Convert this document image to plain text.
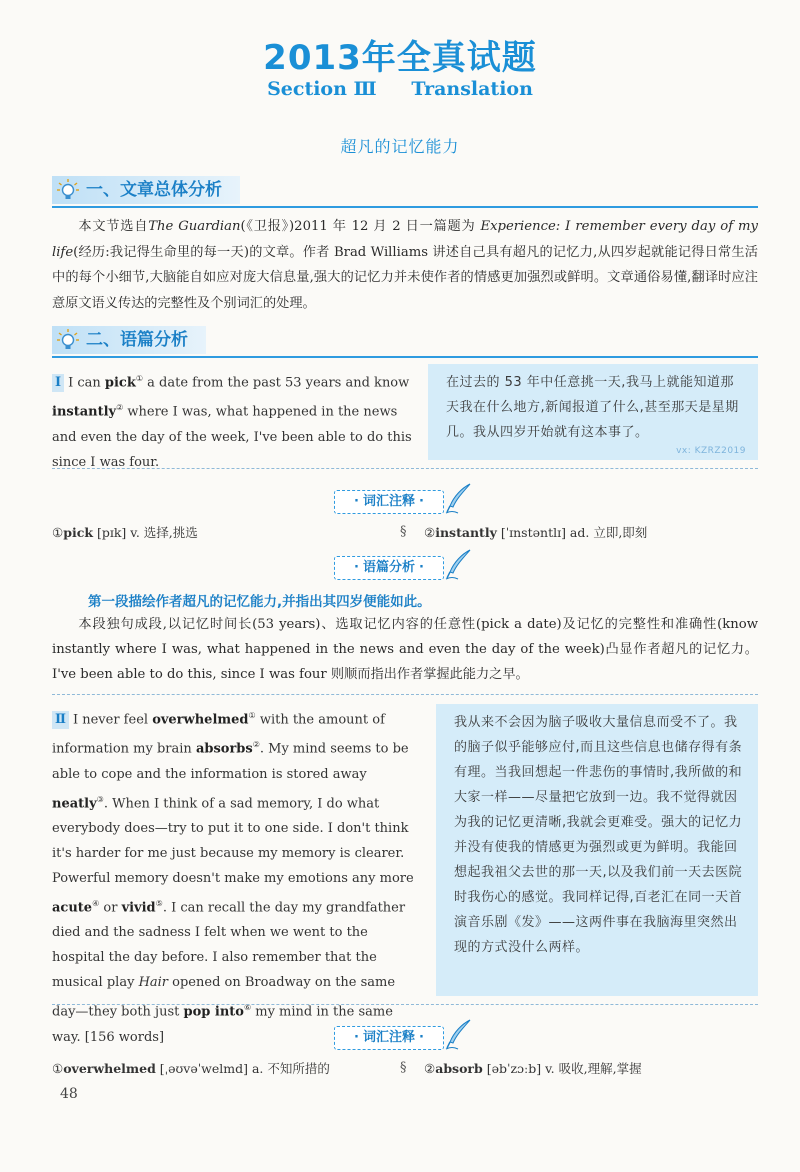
2013年全真试题
Section Ⅲ Translation
超凡的记忆能力
一、文章总体分析
本文节选自The Guardian(《卫报》)2011 年 12 月 2 日一篇题为 Experience: I remember every day of my life(经历:我记得生命里的每一天)的文章。作者 Brad Williams 讲述自己具有超凡的记忆力,从四岁起就能记得日常生活中的每个小细节,大脑能自如应对庞大信息量,强大的记忆力并未使作者的情感更加强烈或鲜明。文章通俗易懂,翻译时应注意原文语义传达的完整性及个别词汇的处理。
二、语篇分析
Ⅰ I can pick① a date from the past 53 years and know instantly② where I was, what happened in the news and even the day of the week, I've been able to do this since I was four.
在过去的 53 年中任意挑一天,我马上就能知道那天我在什么地方,新闻报道了什么,甚至那天是星期几。我从四岁开始就有这本事了。
vx: KZRZ2019
· 词汇注释 ·
①pick [pɪk] v. 选择,挑选	§ ②instantly [ˈɪnstəntlɪ] ad. 立即,即刻
· 语篇分析 ·
第一段描绘作者超凡的记忆能力,并指出其四岁便能如此。
本段独句成段,以记忆时间长(53 years)、选取记忆内容的任意性(pick a date)及记忆的完整性和准确性(know instantly where I was, what happened in the news and even the day of the week)凸显作者超凡的记忆力。I've been able to do this, since I was four 则顺而指出作者掌握此能力之早。
Ⅱ I never feel overwhelmed① with the amount of information my brain absorbs②. My mind seems to be able to cope and the information is stored away neatly③. When I think of a sad memory, I do what everybody does—try to put it to one side. I don't think it's harder for me just because my memory is clearer. Powerful memory doesn't make my emotions any more acute④ or vivid⑤. I can recall the day my grandfather died and the sadness I felt when we went to the hospital the day before. I also remember that the musical play Hair opened on Broadway on the same day—they both just pop into⑥ my mind in the same way. [156 words]
我从来不会因为脑子吸收大量信息而受不了。我的脑子似乎能够应付,而且这些信息也储存得有条有理。当我回想起一件悲伤的事情时,我所做的和大家一样——尽量把它放到一边。我不觉得就因为我的记忆更清晰,我就会更难受。强大的记忆力并没有使我的情感更为强烈或更为鲜明。我能回想起我祖父去世的那一天,以及我们前一天去医院时我伤心的感觉。我同样记得,百老汇在同一天首演音乐剧《发》——这两件事在我脑海里突然出现的方式没什么两样。
· 词汇注释 ·
①overwhelmed [ˌəʊvəˈwelmd] a. 不知所措的	§ ②absorb [əbˈzɔːb] v. 吸收,理解,掌握
48
